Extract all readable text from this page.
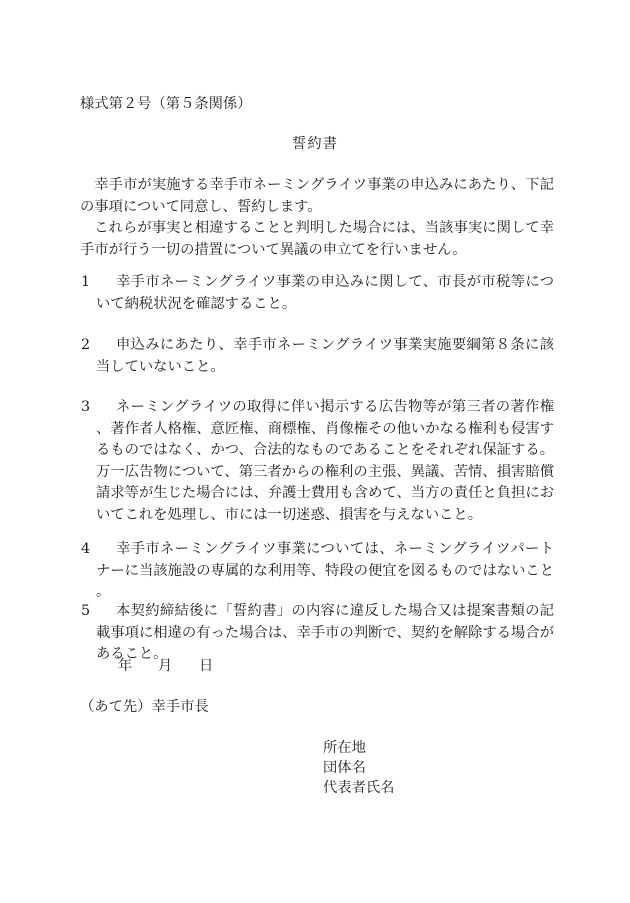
様式第２号（第５条関係）
誓約書
幸手市が実施する幸手市ネーミングライツ事業の申込みにあたり、下記の事項について同意し、誓約します。
これらが事実と相違することと判明した場合には、当該事実に関して幸手市が行う一切の措置について異議の申立てを行いません。
1	幸手市ネーミングライツ事業の申込みに関して、市長が市税等について納税状況を確認すること。
2	申込みにあたり、幸手市ネーミングライツ事業実施要綱第８条に該当していないこと。
3	ネーミングライツの取得に伴い掲示する広告物等が第三者の著作権、著作者人格権、意匠権、商標権、肖像権その他いかなる権利も侵害するものではなく、かつ、合法的なものであることをそれぞれ保証する。万一広告物について、第三者からの権利の主張、異議、苦情、損害賠償請求等が生じた場合には、弁護士費用も含めて、当方の責任と負担においてこれを処理し、市には一切迷惑、損害を与えないこと。
4	幸手市ネーミングライツ事業については、ネーミングライツパートナーに当該施設の専属的な利用等、特段の便宜を図るものではないこと。
5	本契約締結後に「誓約書」の内容に違反した場合又は提案書類の記載事項に相違の有った場合は、幸手市の判断で、契約を解除する場合があること。
年 月 日
（あて先）幸手市長
所在地
団体名
代表者氏名
